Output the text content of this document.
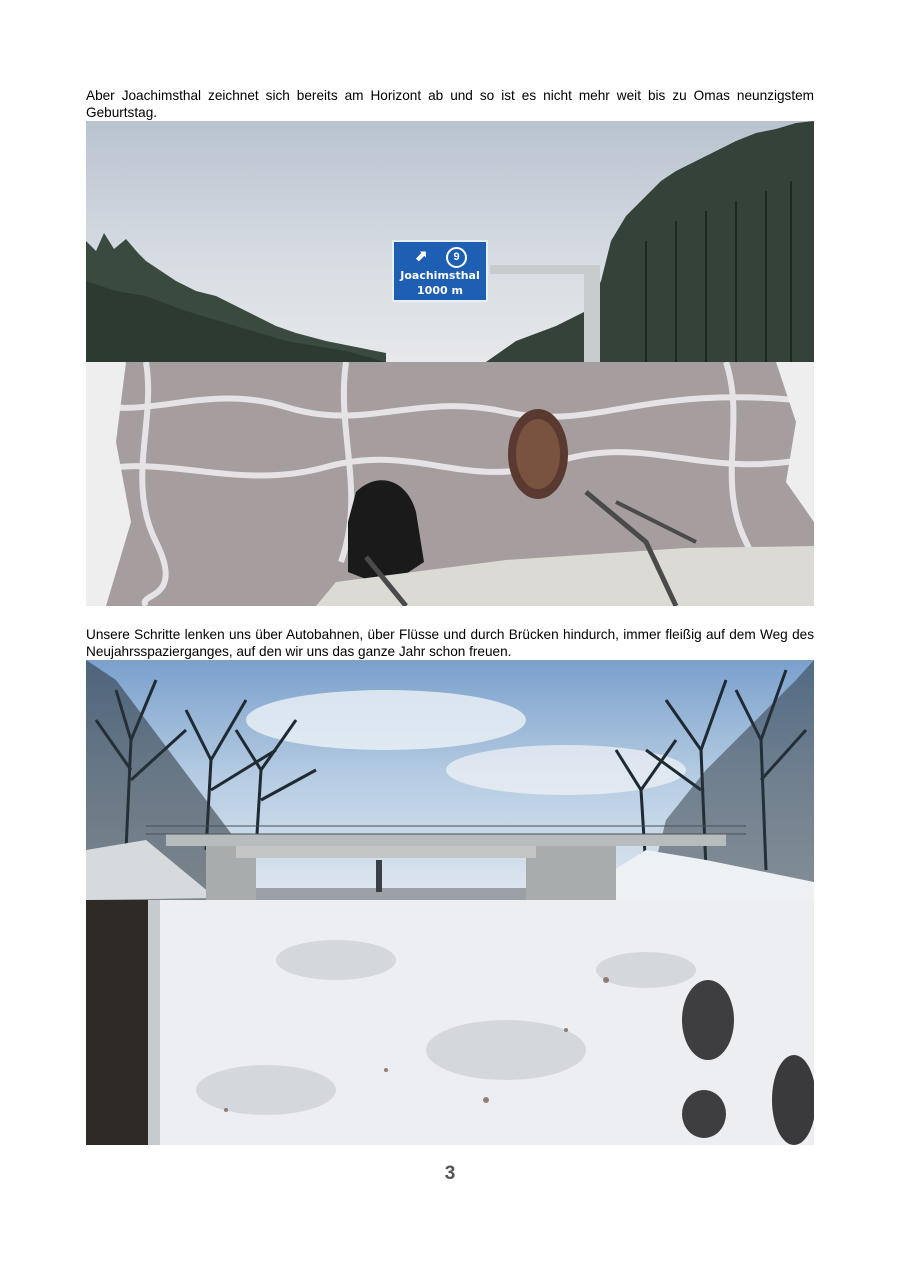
Aber Joachimsthal zeichnet sich bereits am Horizont ab und so ist es nicht mehr weit bis zu Omas neunzigstem Geburtstag.

⬈	9
Joachimsthal
1000 m

Unsere Schritte lenken uns über Autobahnen, über Flüsse und durch Brücken hindurch, immer fleißig auf dem Weg des Neujahrsspazierganges, auf den wir uns das ganze Jahr schon freuen.

3
